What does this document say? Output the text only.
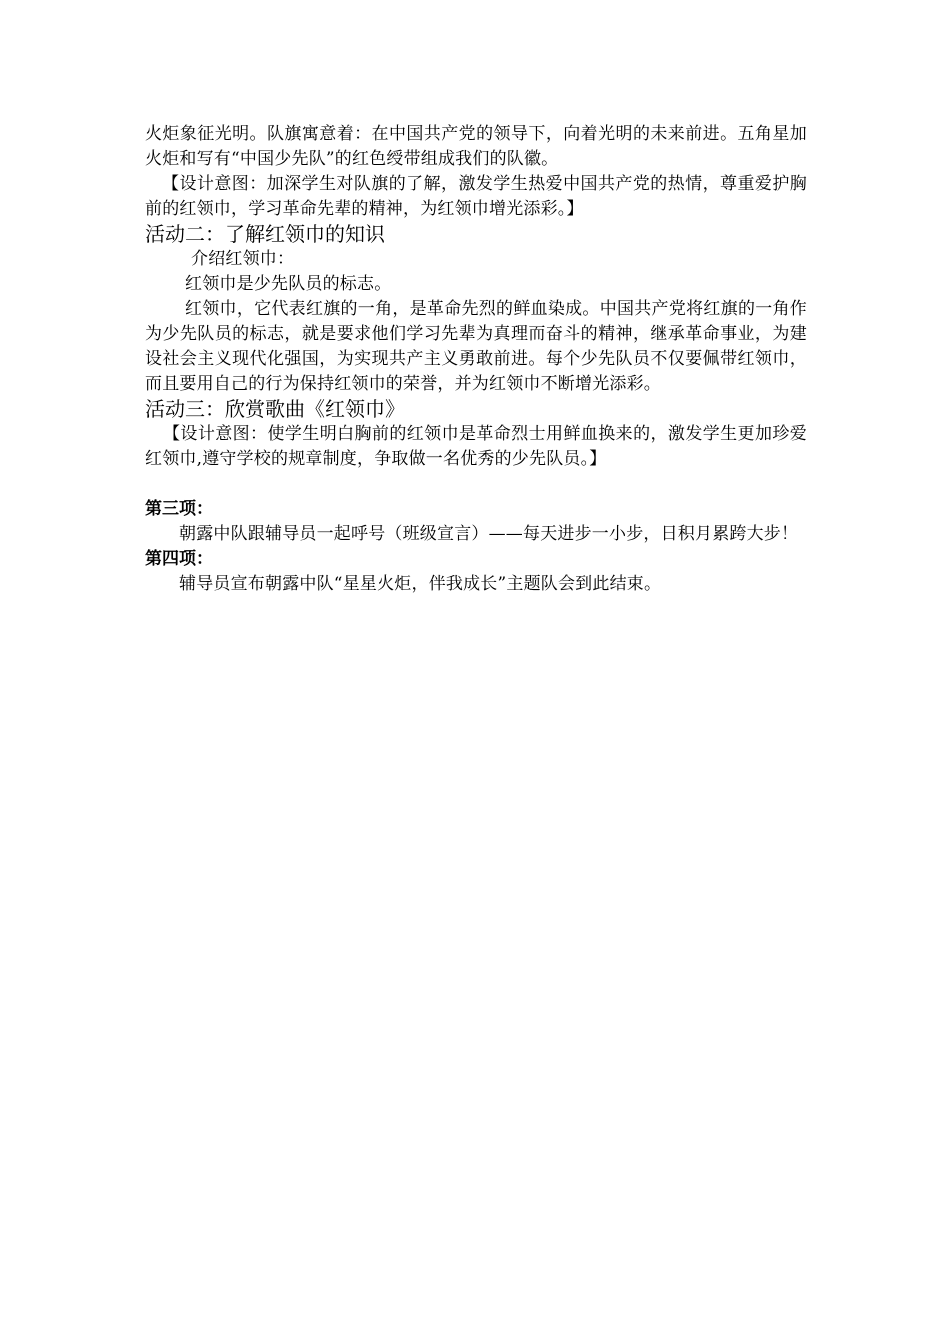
火炬象征光明。队旗寓意着：在中国共产党的领导下，向着光明的未来前进。五角星加火炬和写有“中国少先队”的红色绶带组成我们的队徽。

【设计意图：加深学生对队旗的了解，激发学生热爱中国共产党的热情，尊重爱护胸前的红领巾，学习革命先辈的精神，为红领巾增光添彩。】

活动二：了解红领巾的知识

介绍红领巾：

红领巾是少先队员的标志。

红领巾，它代表红旗的一角，是革命先烈的鲜血染成。中国共产党将红旗的一角作为少先队员的标志，就是要求他们学习先辈为真理而奋斗的精神，继承革命事业，为建设社会主义现代化强国，为实现共产主义勇敢前进。每个少先队员不仅要佩带红领巾，而且要用自己的行为保持红领巾的荣誉，并为红领巾不断增光添彩。

活动三：欣赏歌曲《红领巾》

【设计意图：使学生明白胸前的红领巾是革命烈士用鲜血换来的，激发学生更加珍爱红领巾,遵守学校的规章制度，争取做一名优秀的少先队员。】

第三项：

朝露中队跟辅导员一起呼号（班级宣言）——每天进步一小步，日积月累跨大步！

第四项：

辅导员宣布朝露中队“星星火炬，伴我成长”主题队会到此结束。
